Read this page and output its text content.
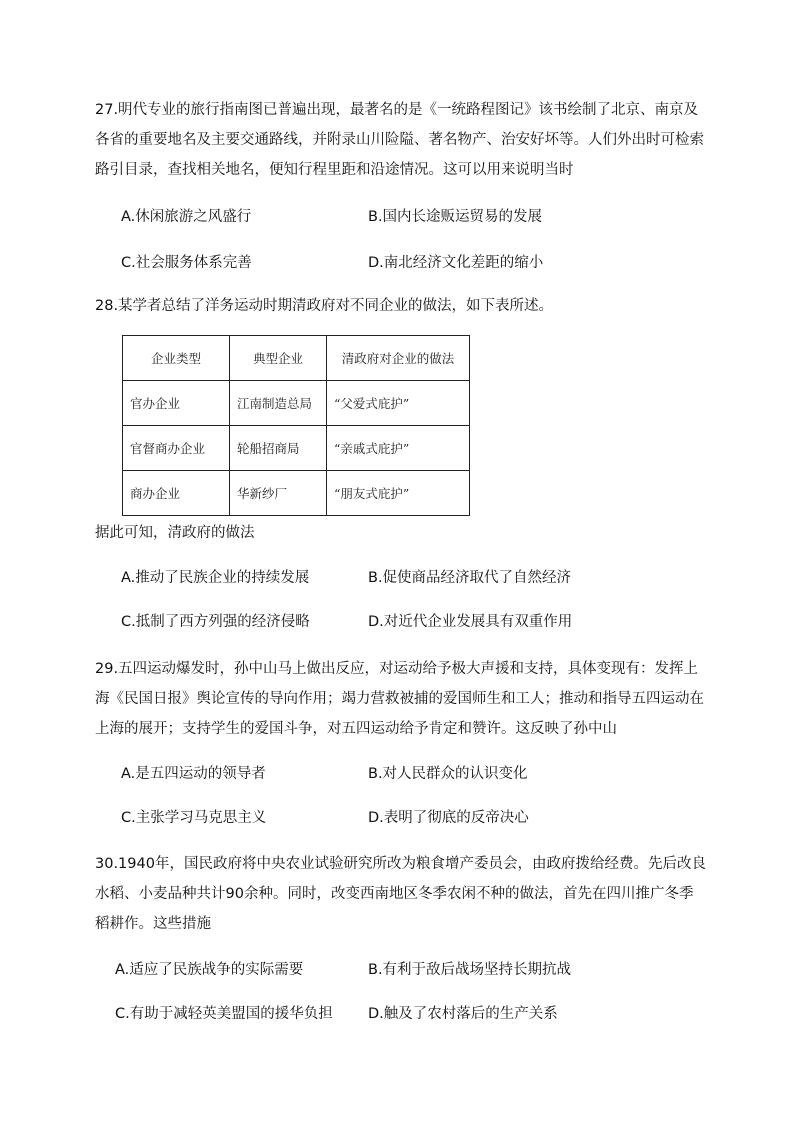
27.明代专业的旅行指南图已普遍出现，最著名的是《一统路程图记》该书绘制了北京、南京及各省的重要地名及主要交通路线，并附录山川险隘、著名物产、治安好坏等。人们外出时可检索路引目录，查找相关地名，便知行程里距和沿途情况。这可以用来说明当时

A.休闲旅游之风盛行	B.国内长途贩运贸易的发展
C.社会服务体系完善	D.南北经济文化差距的缩小

28.某学者总结了洋务运动时期清政府对不同企业的做法，如下表所述。

企业类型	典型企业	清政府对企业的做法
官办企业	江南制造总局	“父爱式庇护”
官督商办企业	轮船招商局	“亲戚式庇护”
商办企业	华新纱厂	“朋友式庇护”

据此可知，清政府的做法

A.推动了民族企业的持续发展	B.促使商品经济取代了自然经济
C.抵制了西方列强的经济侵略	D.对近代企业发展具有双重作用

29.五四运动爆发时，孙中山马上做出反应，对运动给予极大声援和支持，具体变现有：发挥上海《民国日报》舆论宣传的导向作用；竭力营救被捕的爱国师生和工人；推动和指导五四运动在上海的展开；支持学生的爱国斗争，对五四运动给予肯定和赞许。这反映了孙中山

A.是五四运动的领导者	B.对人民群众的认识变化
C.主张学习马克思主义	D.表明了彻底的反帝决心

30.1940年，国民政府将中央农业试验研究所改为粮食增产委员会，由政府拨给经费。先后改良水稻、小麦品种共计90余种。同时，改变西南地区冬季农闲不种的做法，首先在四川推广冬季稻耕作。这些措施

A.适应了民族战争的实际需要	B.有利于敌后战场坚持长期抗战
C.有助于减轻英美盟国的援华负担 D.触及了农村落后的生产关系
